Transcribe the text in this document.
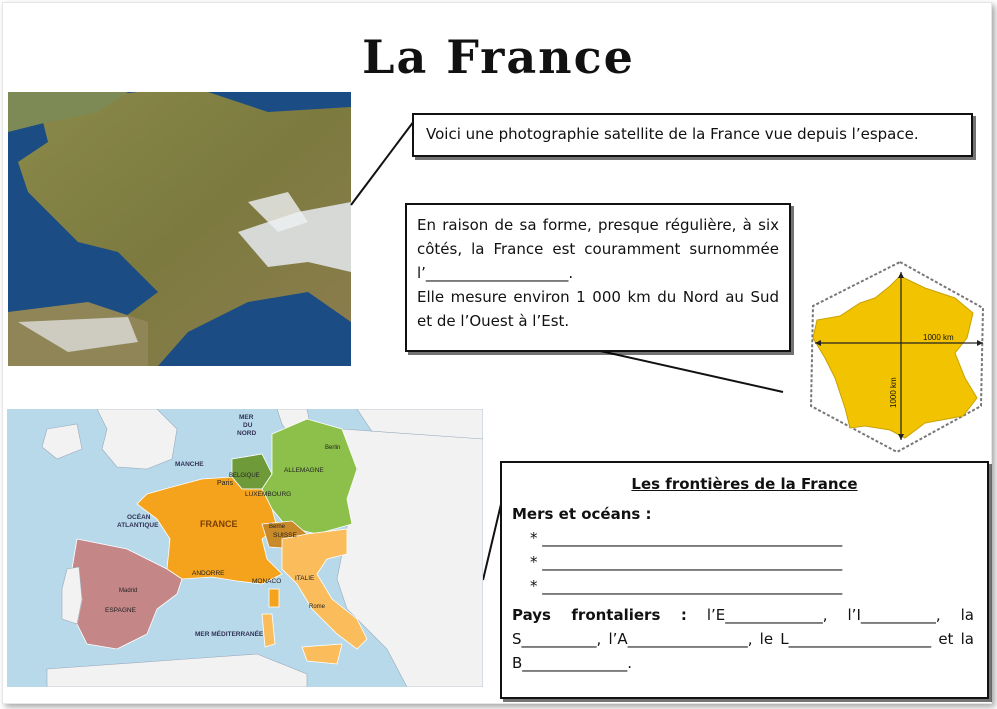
La France
Voici une photographie satellite de la France vue depuis l’espace.

En raison de sa forme, presque régulière, à six côtés, la France est couramment surnommée l’___________________.
Elle mesure environ 1 000 km du Nord au Sud et de l’Ouest à l’Est.

1000 km
1000 km
MER
DU
NORD
MANCHE
OCÉAN
ATLANTIQUE
MER MÉDITERRANÉE
FRANCE
Paris
BELGIQUE
LUXEMBOURG
ALLEMAGNE
Berlin
Berne
SUISSE
ANDORRE
MONACO ITALIE
Rome
Madrid
ESPAGNE
Les frontières de la France
Mers et océans :
* ________________________________________
* ________________________________________
* ________________________________________
Pays frontaliers : l’E_____________, l’I__________, la S__________, l’A________________, le L___________________ et la B______________.
